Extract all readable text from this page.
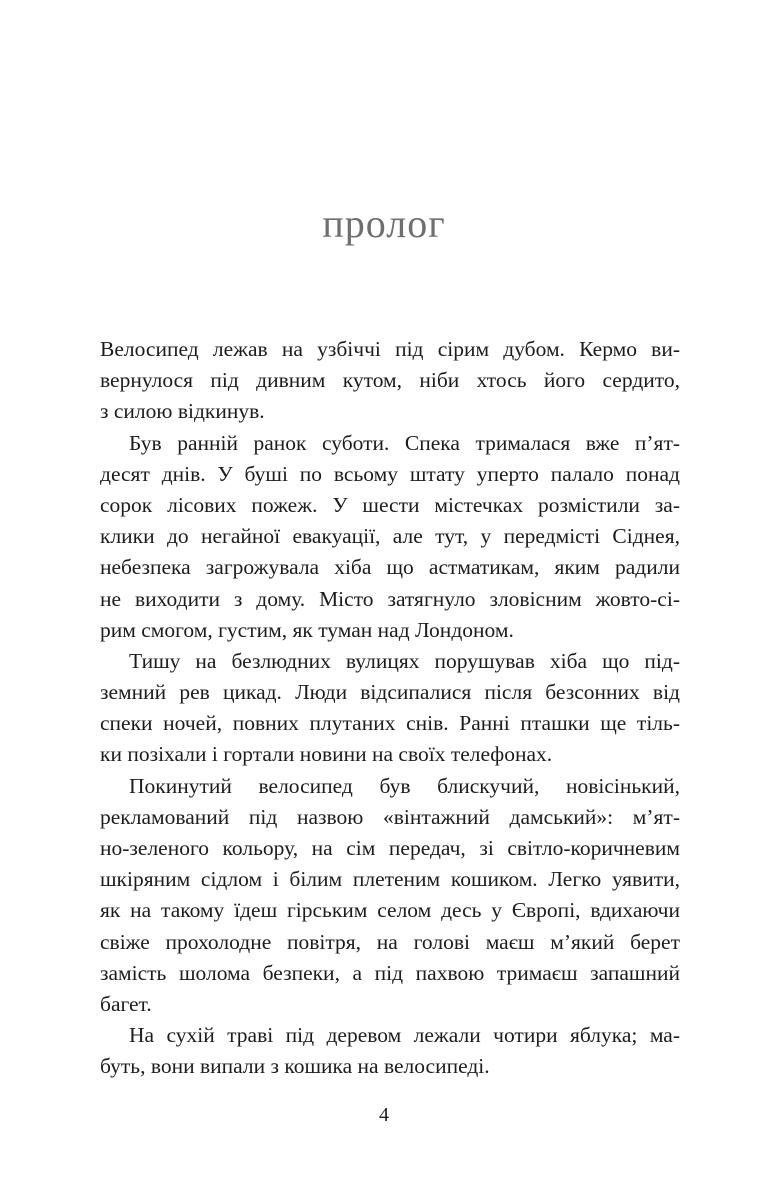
пролог
Велосипед лежав на узбіччі під сірим дубом. Кермо ви-
вернулося під дивним кутом, ніби хтось його сердито,
з силою відкинув.
Був ранній ранок суботи. Спека трималася вже п’ят-
десят днів. У буші по всьому штату уперто палало понад
сорок лісових пожеж. У шести містечках розмістили за-
клики до негайної евакуації, але тут, у передмісті Сіднея,
небезпека загрожувала хіба що астматикам, яким радили
не виходити з дому. Місто затягнуло зловісним жовто-сі-
рим смогом, густим, як туман над Лондоном.
Тишу на безлюдних вулицях порушував хіба що під-
земний рев цикад. Люди відсипалися після безсонних від
спеки ночей, повних плутаних снів. Ранні пташки ще тіль-
ки позіхали і гортали новини на своїх телефонах.
Покинутий велосипед був блискучий, новісінький,
рекламований під назвою «вінтажний дамський»: м’ят-
но-зеленого кольору, на сім передач, зі світло-коричневим
шкіряним сідлом і білим плетеним кошиком. Легко уявити,
як на такому їдеш гірським селом десь у Європі, вдихаючи
свіже прохолодне повітря, на голові маєш м’який берет
замість шолома безпеки, а під пахвою тримаєш запашний
багет.
На сухій траві під деревом лежали чотири яблука; ма-
буть, вони випали з кошика на велосипеді.

4
